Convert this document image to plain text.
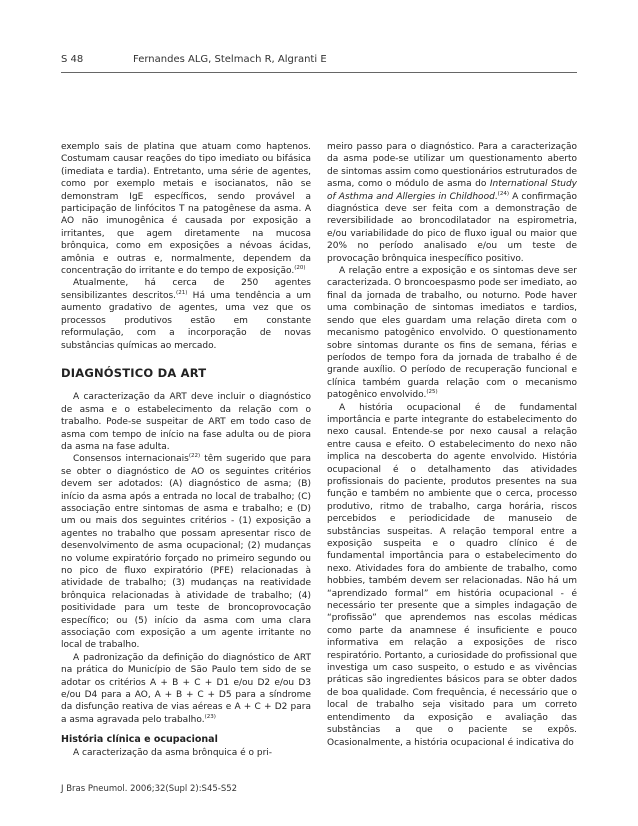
S 48	Fernandes ALG, Stelmach R, Algranti E

exemplo sais de platina que atuam como haptenos. Costumam causar reações do tipo imediato ou bifásica (imediata e tardia). Entretanto, uma série de agentes, como por exemplo metais e isocianatos, não se demonstram IgE específicos, sendo provável a participação de linfócitos T na patogênese da asma. A AO não imunogênica é causada por exposição a irritantes, que agem diretamente na mucosa brônquica, como em exposições a névoas ácidas, amônia e outras e, normalmente, dependem da concentração do irritante e do tempo de exposição.$^{(20)}$

Atualmente, há cerca de 250 agentes sensibilizantes descritos.$^{(21)}$ Há uma tendência a um aumento gradativo de agentes, uma vez que os processos produtivos estão em constante reformulação, com a incorporação de novas substâncias químicas ao mercado.

DIAGNÓSTICO DA ART

A caracterização da ART deve incluir o diagnóstico de asma e o estabelecimento da relação com o trabalho. Pode-se suspeitar de ART em todo caso de asma com tempo de início na fase adulta ou de piora da asma na fase adulta.

Consensos internacionais$^{(22)}$ têm sugerido que para se obter o diagnóstico de AO os seguintes critérios devem ser adotados: (A) diagnóstico de asma; (B) início da asma após a entrada no local de trabalho; (C) associação entre sintomas de asma e trabalho; e (D) um ou mais dos seguintes critérios - (1) exposição a agentes no trabalho que possam apresentar risco de desenvolvimento de asma ocupacional; (2) mudanças no volume expiratório forçado no primeiro segundo ou no pico de fluxo expiratório (PFE) relacionadas à atividade de trabalho; (3) mudanças na reatividade brônquica relacionadas à atividade de trabalho; (4) positividade para um teste de broncoprovocação específico; ou (5) início da asma com uma clara associação com exposição a um agente irritante no local de trabalho.

A padronização da definição do diagnóstico de ART na prática do Município de São Paulo tem sido de se adotar os critérios A + B + C + D1 e/ou D2 e/ou D3 e/ou D4 para a AO, A + B + C + D5 para a síndrome da disfunção reativa de vias aéreas e A + C + D2 para a asma agravada pelo trabalho.$^{(23)}$

História clínica e ocupacional

A caracterização da asma brônquica é o pri-

meiro passo para o diagnóstico. Para a caracterização da asma pode-se utilizar um questionamento aberto de sintomas assim como questionários estruturados de asma, como o módulo de asma do International Study of Asthma and Allergies in Childhood.$^{(24)}$ A confirmação diagnóstica deve ser feita com a demonstração de reversibilidade ao broncodilatador na espirometria, e/ou variabilidade do pico de fluxo igual ou maior que 20% no período analisado e/ou um teste de provocação brônquica inespecífico positivo.

A relação entre a exposição e os sintomas deve ser caracterizada. O broncoespasmo pode ser imediato, ao final da jornada de trabalho, ou noturno. Pode haver uma combinação de sintomas imediatos e tardios, sendo que eles guardam uma relação direta com o mecanismo patogênico envolvido. O questionamento sobre sintomas durante os fins de semana, férias e períodos de tempo fora da jornada de trabalho é de grande auxílio. O período de recuperação funcional e clínica também guarda relação com o mecanismo patogênico envolvido.$^{(25)}$

A história ocupacional é de fundamental importância e parte integrante do estabelecimento do nexo causal. Entende-se por nexo causal a relação entre causa e efeito. O estabelecimento do nexo não implica na descoberta do agente envolvido. História ocupacional é o detalhamento das atividades profissionais do paciente, produtos presentes na sua função e também no ambiente que o cerca, processo produtivo, ritmo de trabalho, carga horária, riscos percebidos e periodicidade de manuseio de substâncias suspeitas. A relação temporal entre a exposição suspeita e o quadro clínico é de fundamental importância para o estabelecimento do nexo. Atividades fora do ambiente de trabalho, como hobbies, também devem ser relacionadas. Não há um “aprendizado formal” em história ocupacional - é necessário ter presente que a simples indagação de “profissão” que aprendemos nas escolas médicas como parte da anamnese é insuficiente e pouco informativa em relação a exposições de risco respiratório. Portanto, a curiosidade do profissional que investiga um caso suspeito, o estudo e as vivências práticas são ingredientes básicos para se obter dados de boa qualidade. Com frequência, é necessário que o local de trabalho seja visitado para um correto entendimento da exposição e avaliação das substâncias a que o paciente se expôs. Ocasionalmente, a história ocupacional é indicativa do

J Bras Pneumol. 2006;32(Supl 2):S45-S52
